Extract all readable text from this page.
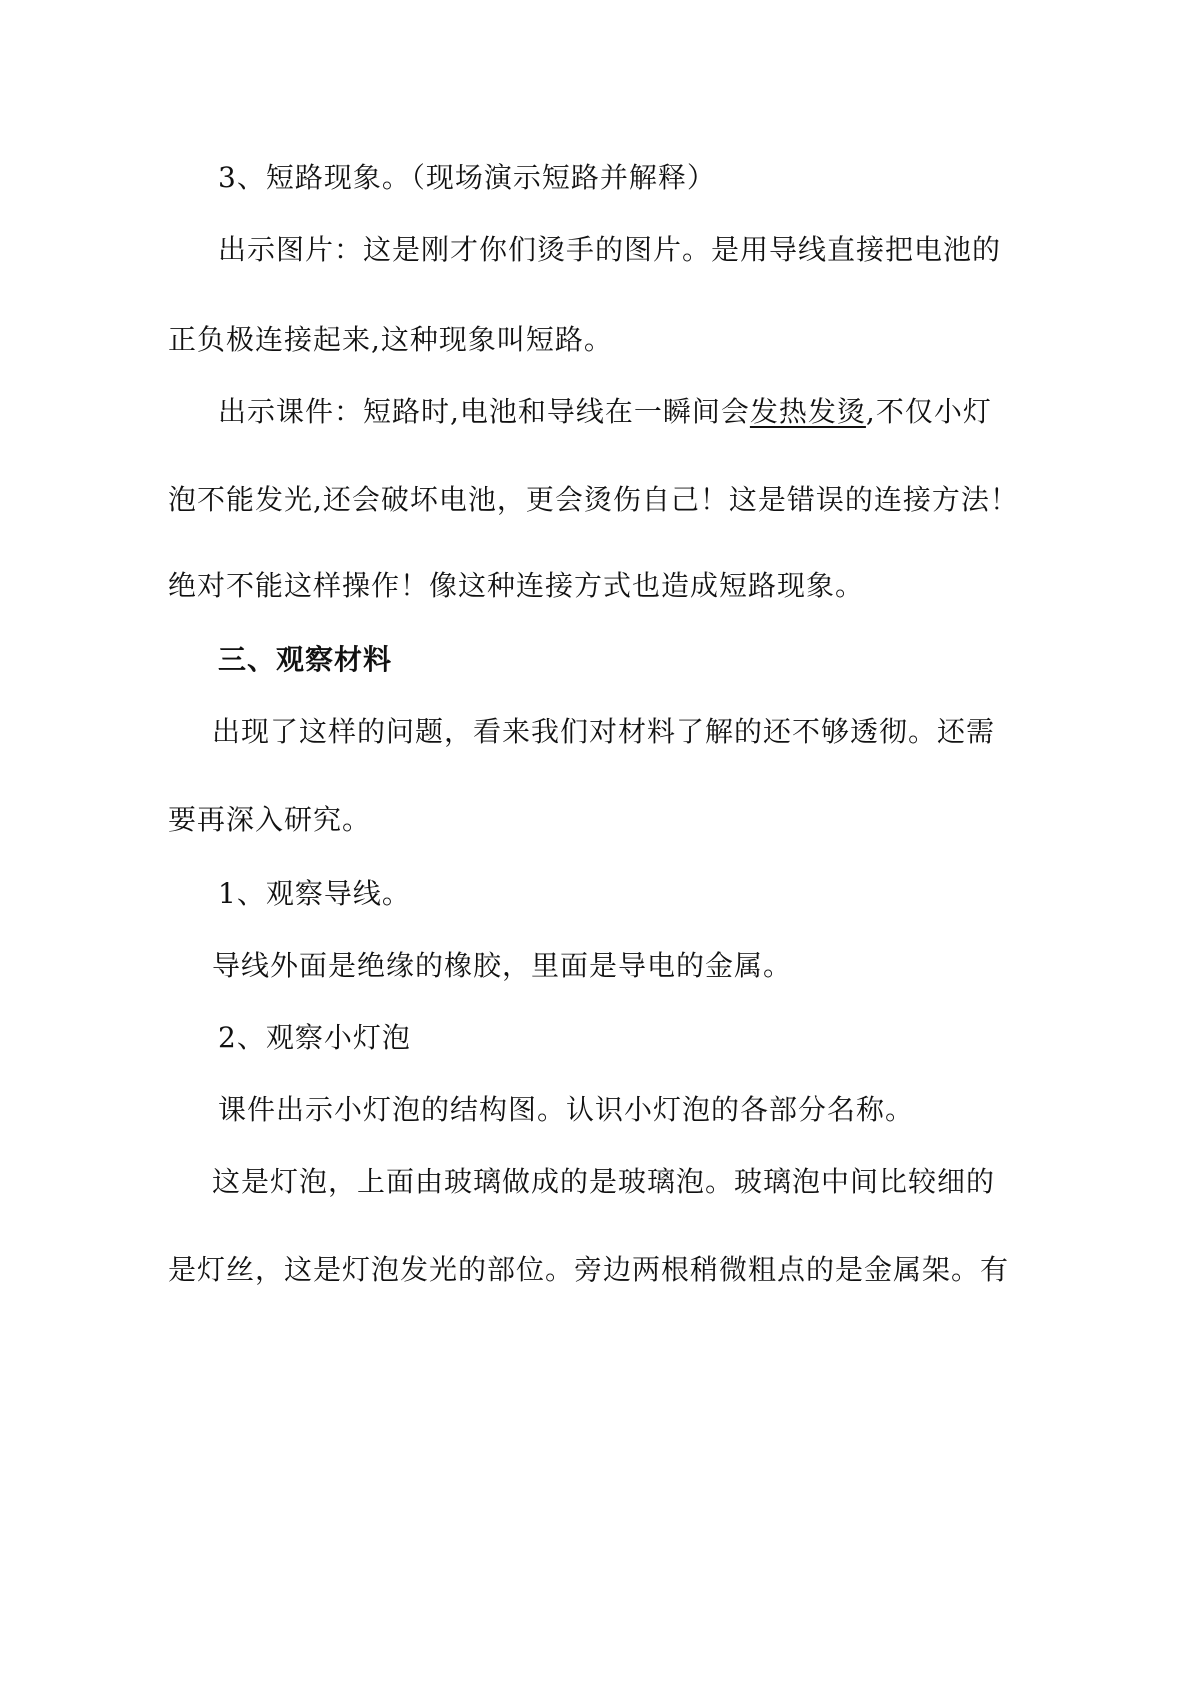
3、短路现象。（现场演示短路并解释）
出示图片：这是刚才你们烫手的图片。是用导线直接把电池的
正负极连接起来,这种现象叫短路。
出示课件：短路时,电池和导线在一瞬间会发热发烫,不仅小灯
泡不能发光,还会破坏电池，更会烫伤自己！这是错误的连接方法！
绝对不能这样操作！像这种连接方式也造成短路现象。
三、观察材料
出现了这样的问题，看来我们对材料了解的还不够透彻。还需
要再深入研究。
1、观察导线。
导线外面是绝缘的橡胶，里面是导电的金属。
2、观察小灯泡
课件出示小灯泡的结构图。认识小灯泡的各部分名称。
这是灯泡，上面由玻璃做成的是玻璃泡。玻璃泡中间比较细的
是灯丝，这是灯泡发光的部位。旁边两根稍微粗点的是金属架。有
